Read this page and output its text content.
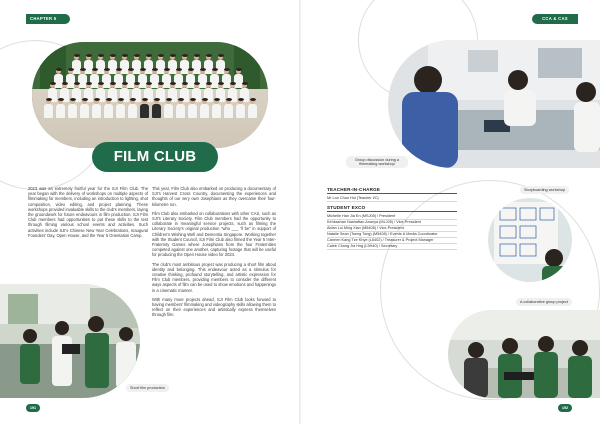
CHAPTER 5	CCA & CAS
FILM CLUB
2023 was an extremely fruitful year for the SJI Film Club. The year began with the delivery of workshops on multiple aspects of filmmaking for members, including an introduction to lighting, shot composition, video editing, and project planning. These workshops provided invaluable skills to the club's members, laying the groundwork for future endeavours in film production. SJI Film Club members had opportunities to put these skills to the test through filming various school events and activities. Such activities include SJI's Chinese New Year Celebrations, Inaugural Founders' Day, Open House, and the Year 5 Orientation Camp.
This year, Film Club also embarked on producing a documentary of SJI's Harvest Cross Country, documenting the experiences and thoughts of our very own Josephians as they overcame their four-kilometre run.
Film Club also embarked on collaborations with other CAS, such as SJI's Literary Society. Film Club members had the opportunity to collaborate in meaningful service projects, such as filming the Literary Society's original production "who ___ 'll be" in support of Children's Wishing Well and Dementia Singapore. Working together with the Student Council, SJI Film Club also filmed the Year 5 Inter-Fraternity Games where Josephians from the four Fraternities competed against one another, capturing footage that will be useful for producing the Open House video for 2024.
The club's most ambitious project was producing a short film about identity and belonging. This endeavour acted as a stimulus for creative thinking, profound storytelling, and artistic expression for Film Club members, providing members to consider the different ways aspects of film can be used to show emotions and happenings in a cinematic manner.
With many more projects ahead, SJI Film Club looks forward to having members' filmmaking and videography skills allowing them to reflect on their experiences and artistically express themselves through film.
Short film production
191
Group discussion during a filmmaking workshop
Storyboarding workshop
TEACHER-IN-CHARGE
Mr Loo Chun Hui (Teacher I/C)
STUDENT EXCO
Michelle Han Jia En (MSJ05) / President
Kehkashan Nashaftan Ananya (MLJ05) / Vice-President
Aidan Lui Ming Xian (M5408) / Vice-President
Natalie Sean (Tseng Tong) (M5408) / Events & Media Coordinator
Carmen Kang Tze Khye (L6402) / Treasurer & Project Manager
Caleb Chong Jia Hng (L5H40) / Secretary
A collaborative group project
192
